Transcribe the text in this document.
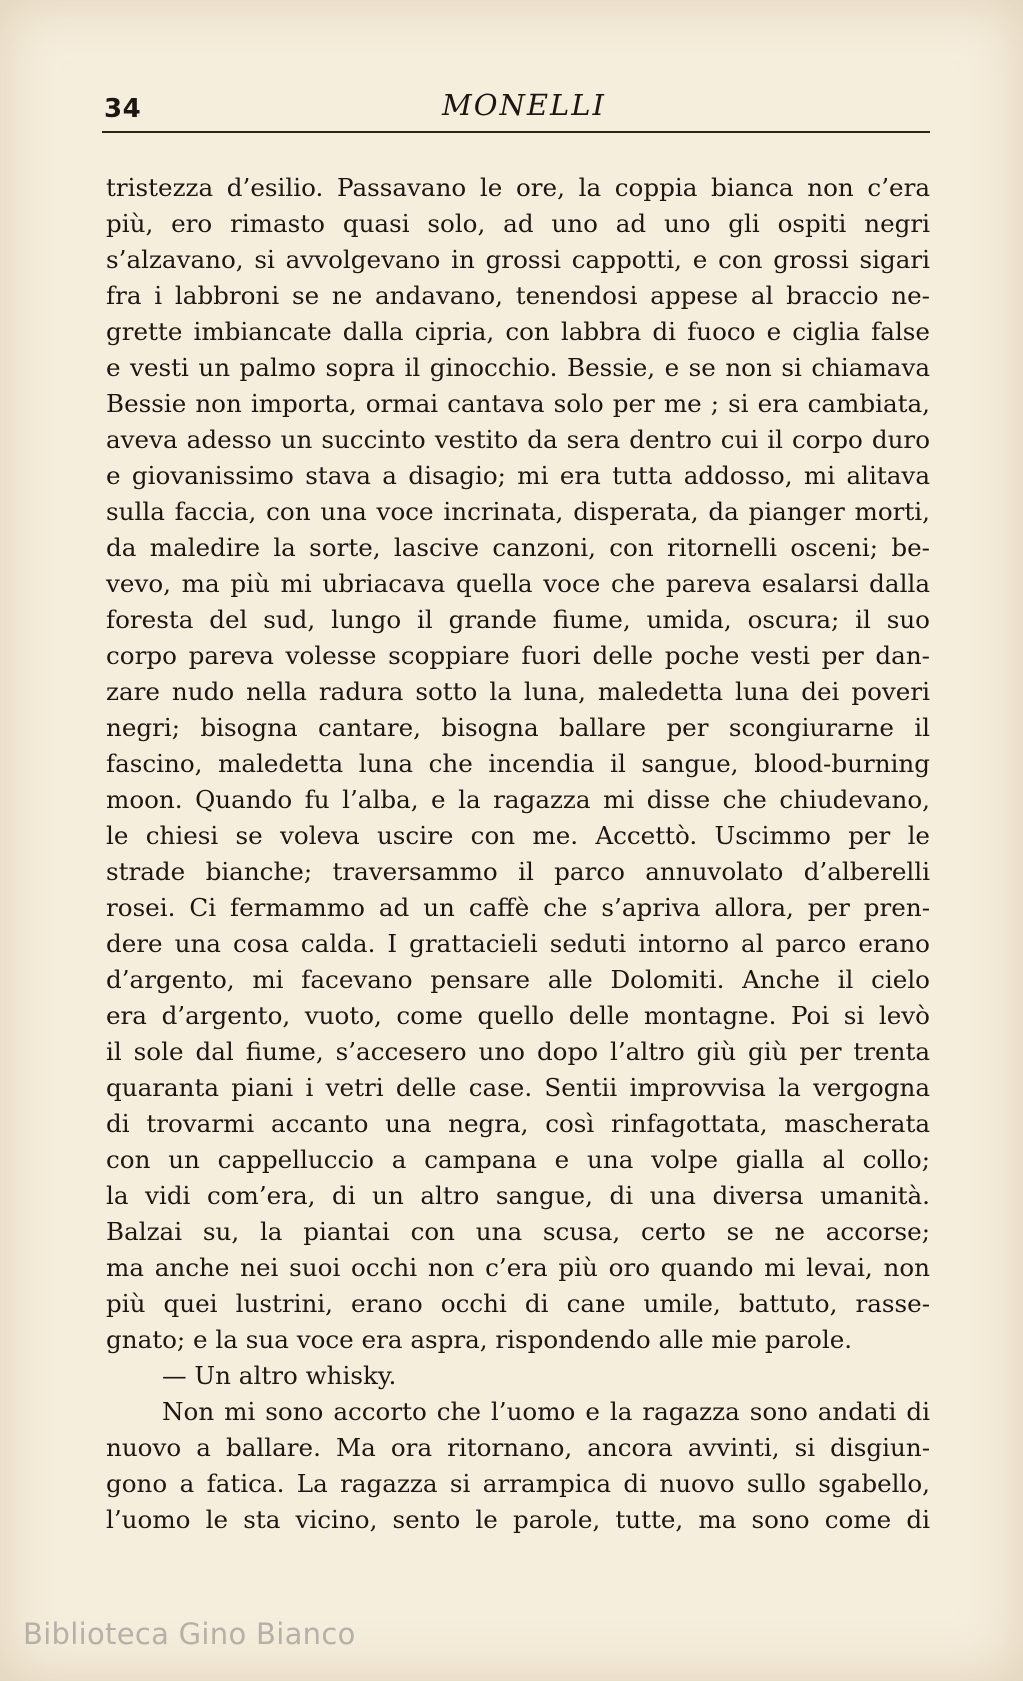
34	MONELLI
tristezza d’esilio. Passavano le ore, la coppia bianca non c’era
più, ero rimasto quasi solo, ad uno ad uno gli ospiti negri
s’alzavano, si avvolgevano in grossi cappotti, e con grossi sigari
fra i labbroni se ne andavano, tenendosi appese al braccio ne-
grette imbiancate dalla cipria, con labbra di fuoco e ciglia false
e vesti un palmo sopra il ginocchio. Bessie, e se non si chiamava
Bessie non importa, ormai cantava solo per me ; si era cambiata,
aveva adesso un succinto vestito da sera dentro cui il corpo duro
e giovanissimo stava a disagio; mi era tutta addosso, mi alitava
sulla faccia, con una voce incrinata, disperata, da pianger morti,
da maledire la sorte, lascive canzoni, con ritornelli osceni; be-
vevo, ma più mi ubriacava quella voce che pareva esalarsi dalla
foresta del sud, lungo il grande fiume, umida, oscura; il suo
corpo pareva volesse scoppiare fuori delle poche vesti per dan-
zare nudo nella radura sotto la luna, maledetta luna dei poveri
negri; bisogna cantare, bisogna ballare per scongiurarne il
fascino, maledetta luna che incendia il sangue, blood-burning
moon. Quando fu l’alba, e la ragazza mi disse che chiudevano,
le chiesi se voleva uscire con me. Accettò. Uscimmo per le
strade bianche; traversammo il parco annuvolato d’alberelli
rosei. Ci fermammo ad un caffè che s’apriva allora, per pren-
dere una cosa calda. I grattacieli seduti intorno al parco erano
d’argento, mi facevano pensare alle Dolomiti. Anche il cielo
era d’argento, vuoto, come quello delle montagne. Poi si levò
il sole dal fiume, s’accesero uno dopo l’altro giù giù per trenta
quaranta piani i vetri delle case. Sentii improvvisa la vergogna
di trovarmi accanto una negra, così rinfagottata, mascherata
con un cappelluccio a campana e una volpe gialla al collo;
la vidi com’era, di un altro sangue, di una diversa umanità.
Balzai su, la piantai con una scusa, certo se ne accorse;
ma anche nei suoi occhi non c’era più oro quando mi levai, non
più quei lustrini, erano occhi di cane umile, battuto, rasse-
gnato; e la sua voce era aspra, rispondendo alle mie parole.
— Un altro whisky.
Non mi sono accorto che l’uomo e la ragazza sono andati di
nuovo a ballare. Ma ora ritornano, ancora avvinti, si disgiun-
gono a fatica. La ragazza si arrampica di nuovo sullo sgabello,
l’uomo le sta vicino, sento le parole, tutte, ma sono come di
Biblioteca Gino Bianco
